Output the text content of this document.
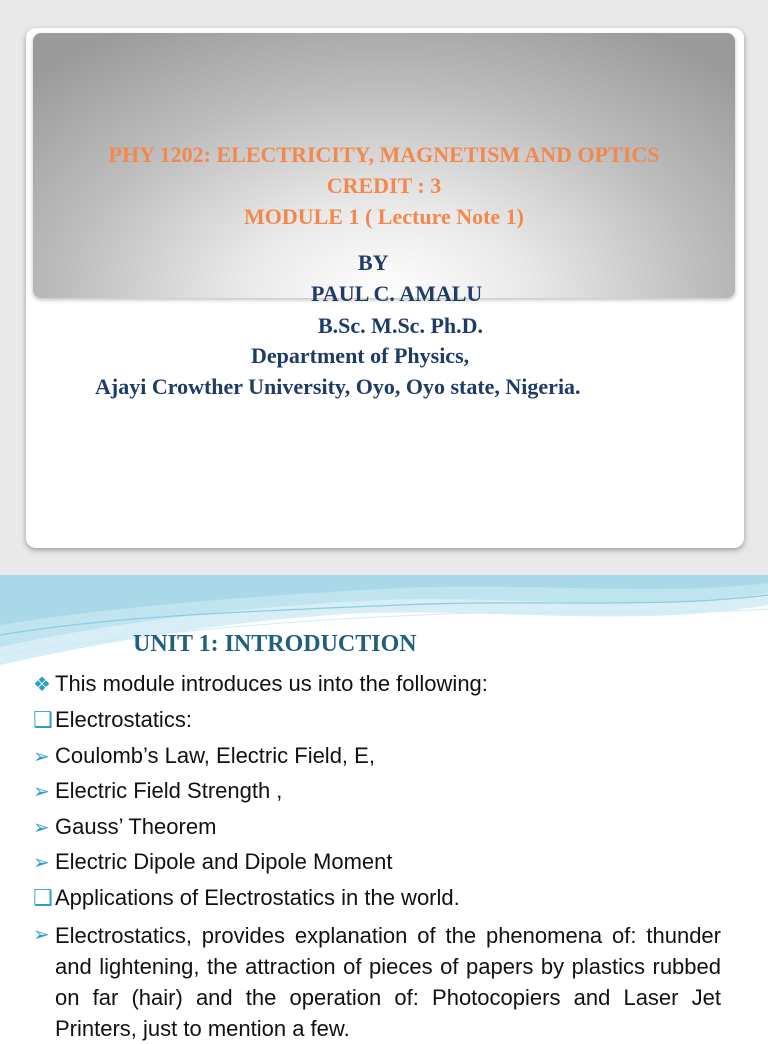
PHY 1202: ELECTRICITY, MAGNETISM AND OPTICS
CREDIT : 3
MODULE 1 ( Lecture Note 1)
BY
PAUL C. AMALU
B.Sc. M.Sc. Ph.D.
Department of Physics,
Ajayi Crowther University, Oyo, Oyo state, Nigeria.
UNIT 1: INTRODUCTION
❖ This module introduces us into the following:
❑ Electrostatics:
➢ Coulomb’s Law, Electric Field, E,
➢ Electric Field Strength ,
➢ Gauss’ Theorem
➢ Electric Dipole and Dipole Moment
❑ Applications of Electrostatics in the world.
➢ Electrostatics, provides explanation of the phenomena of: thunder and lightening, the attraction of pieces of papers by plastics rubbed on far (hair) and the operation of: Photocopiers and Laser Jet Printers, just to mention a few.
